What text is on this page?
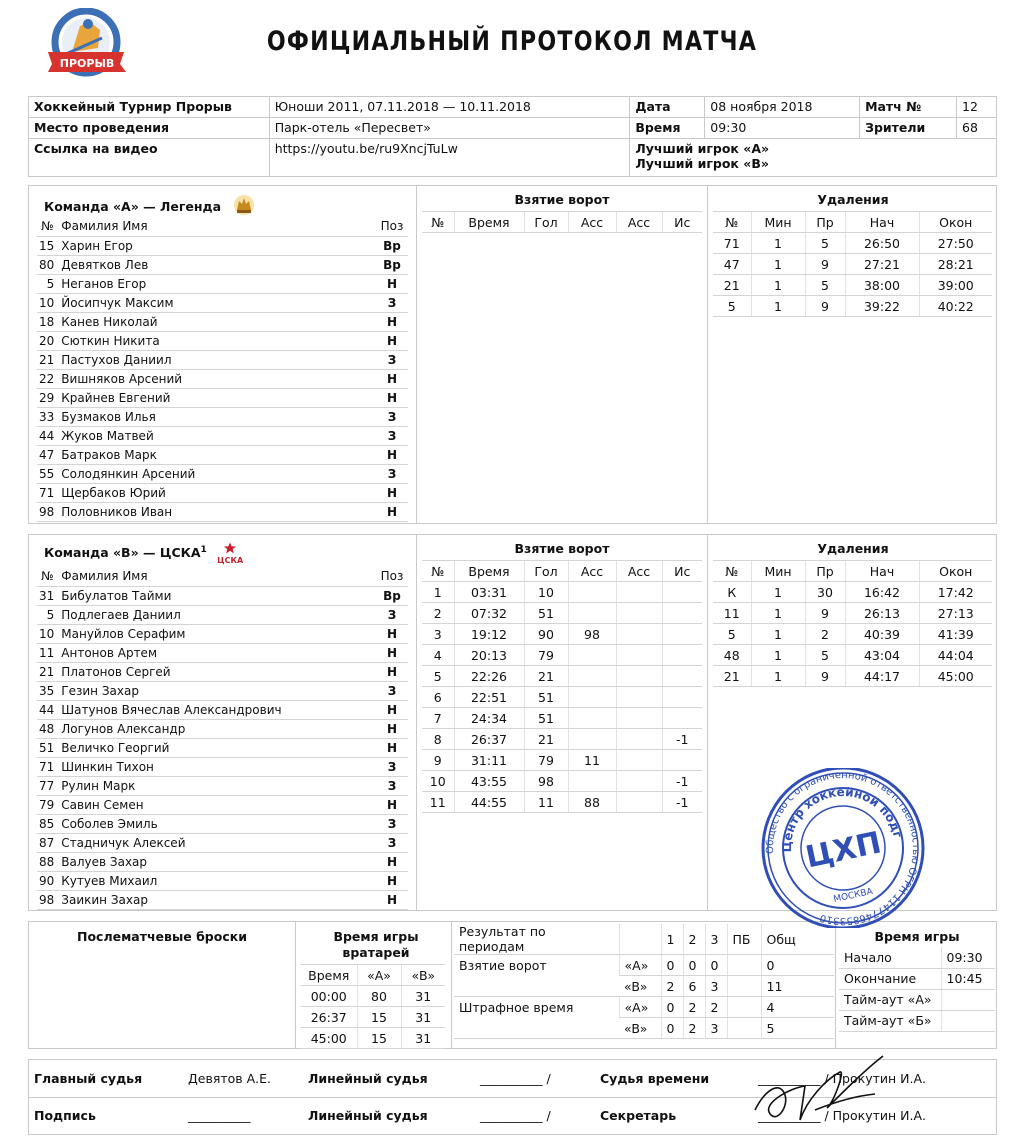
ПРОРЫВ
ОФИЦИАЛЬНЫЙ ПРОТОКОЛ МАТЧА
Хоккейный Турнир Прорыв	Юноши 2011, 07.11.2018 — 10.11.2018	Дата	08 ноября 2018	Матч №	12
Место проведения	Парк-отель «Пересвет»	Время	09:30	Зрители	68
Ссылка на видео	https://youtu.be/ru9XncjTuLw	Лучший игрок «А»
Лучший игрок «B»			
Команда «А» — Легенда
№	Фамилия Имя	Поз
15	Харин Егор	Вр
80	Девятков Лев	Вр
5	Неганов Егор	Н
10	Йосипчук Максим	З
18	Канев Николай	Н
20	Сюткин Никита	Н
21	Пастухов Даниил	З
22	Вишняков Арсений	Н
29	Крайнев Евгений	Н
33	Бузмаков Илья	З
44	Жуков Матвей	З
47	Батраков Марк	Н
55	Солодянкин Арсений	З
71	Щербаков Юрий	Н
98	Половников Иван	Н
Взятие ворот
№	Время	Гол	Асс	Асс	Ис
Удаления
№	Мин	Пр	Нач	Окон
71	1	5	26:50	27:50
47	1	9	27:21	28:21
21	1	5	38:00	39:00
5	1	9	39:22	40:22
Команда «B» — ЦСКА$^1$
ЦСКА
№	Фамилия Имя	Поз
31	Бибулатов Тайми	Вр
5	Подлегаев Даниил	З
10	Мануйлов Серафим	Н
11	Антонов Артем	Н
21	Платонов Сергей	Н
35	Гезин Захар	З
44	Шатунов Вячеслав Александрович	Н
48	Логунов Александр	Н
51	Величко Георгий	Н
71	Шинкин Тихон	З
77	Рулин Марк	З
79	Савин Семен	Н
85	Соболев Эмиль	З
87	Стадничук Алексей	З
88	Валуев Захар	Н
90	Кутуев Михаил	Н
98	Заикин Захар	Н
Взятие ворот
№	Время	Гол	Асс	Асс	Ис
1	03:31	10			
2	07:32	51			
3	19:12	90	98		
4	20:13	79			
5	22:26	21			
6	22:51	51			
7	24:34	51			
8	26:37	21			-1
9	31:11	79	11		
10	43:55	98			-1
11	44:55	11	88		-1
Удаления
№	Мин	Пр	Нач	Окон
К	1	30	16:42	17:42
11	1	9	26:13	27:13
5	1	2	40:39	41:39
48	1	5	43:04	44:04
21	1	9	44:17	45:00
Послематчевые броски	Время игры вратарей
Время	«А»	«B»
00:00	80	31
26:37	15	31
45:00	15	31
Результат по периодам		1	2	3	ПБ	Общ
Взятие ворот	«А»	0	0	0		0
	«B»	2	6	3		11
Штрафное время	«А»	0	2	2		4
	«B»	0	2	3		5
Время игры
Начало	09:30
Окончание	10:45
Тайм-аут «А»	
Тайм-аут «Б»	
Главный судья	Девятов А.Е.	Линейный судья	__________ /	Судья времени	__________ / Прокутин И.А.
Подпись	__________	Линейный судья	__________ /	Секретарь	__________ / Прокутин И.А.
Общество с ограниченной ответственностью ОГРН 1147746853310
Центр хоккейной подготовки
ЦХП
МОСКВА
